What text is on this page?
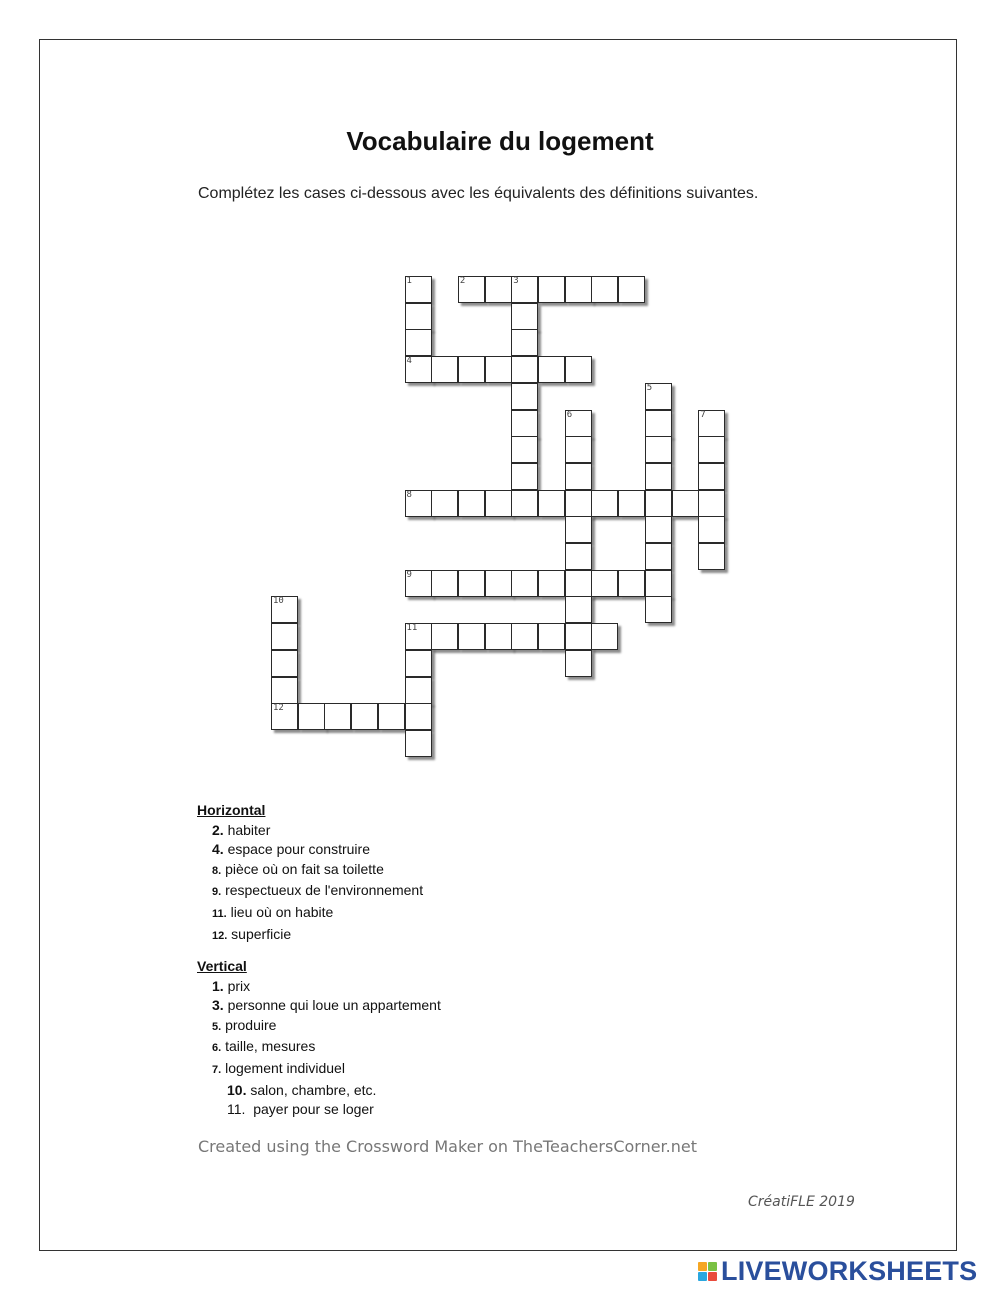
Vocabulaire du logement
Complétez les cases ci-dessous avec les équivalents des définitions suivantes.
1	2	3
4
5
6	7
8
9
10
11
12
Horizontal
2. habiter
4. espace pour construire
8. pièce où on fait sa toilette
9. respectueux de l'environnement
11. lieu où on habite
12. superficie
Vertical
1. prix
3. personne qui loue un appartement
5. produire
6. taille, mesures
7. logement individuel
10. salon, chambre, etc.
11.  payer pour se loger
Created using the Crossword Maker on TheTeachersCorner.net
CréatiFLE 2019
LIVEWORKSHEETS
